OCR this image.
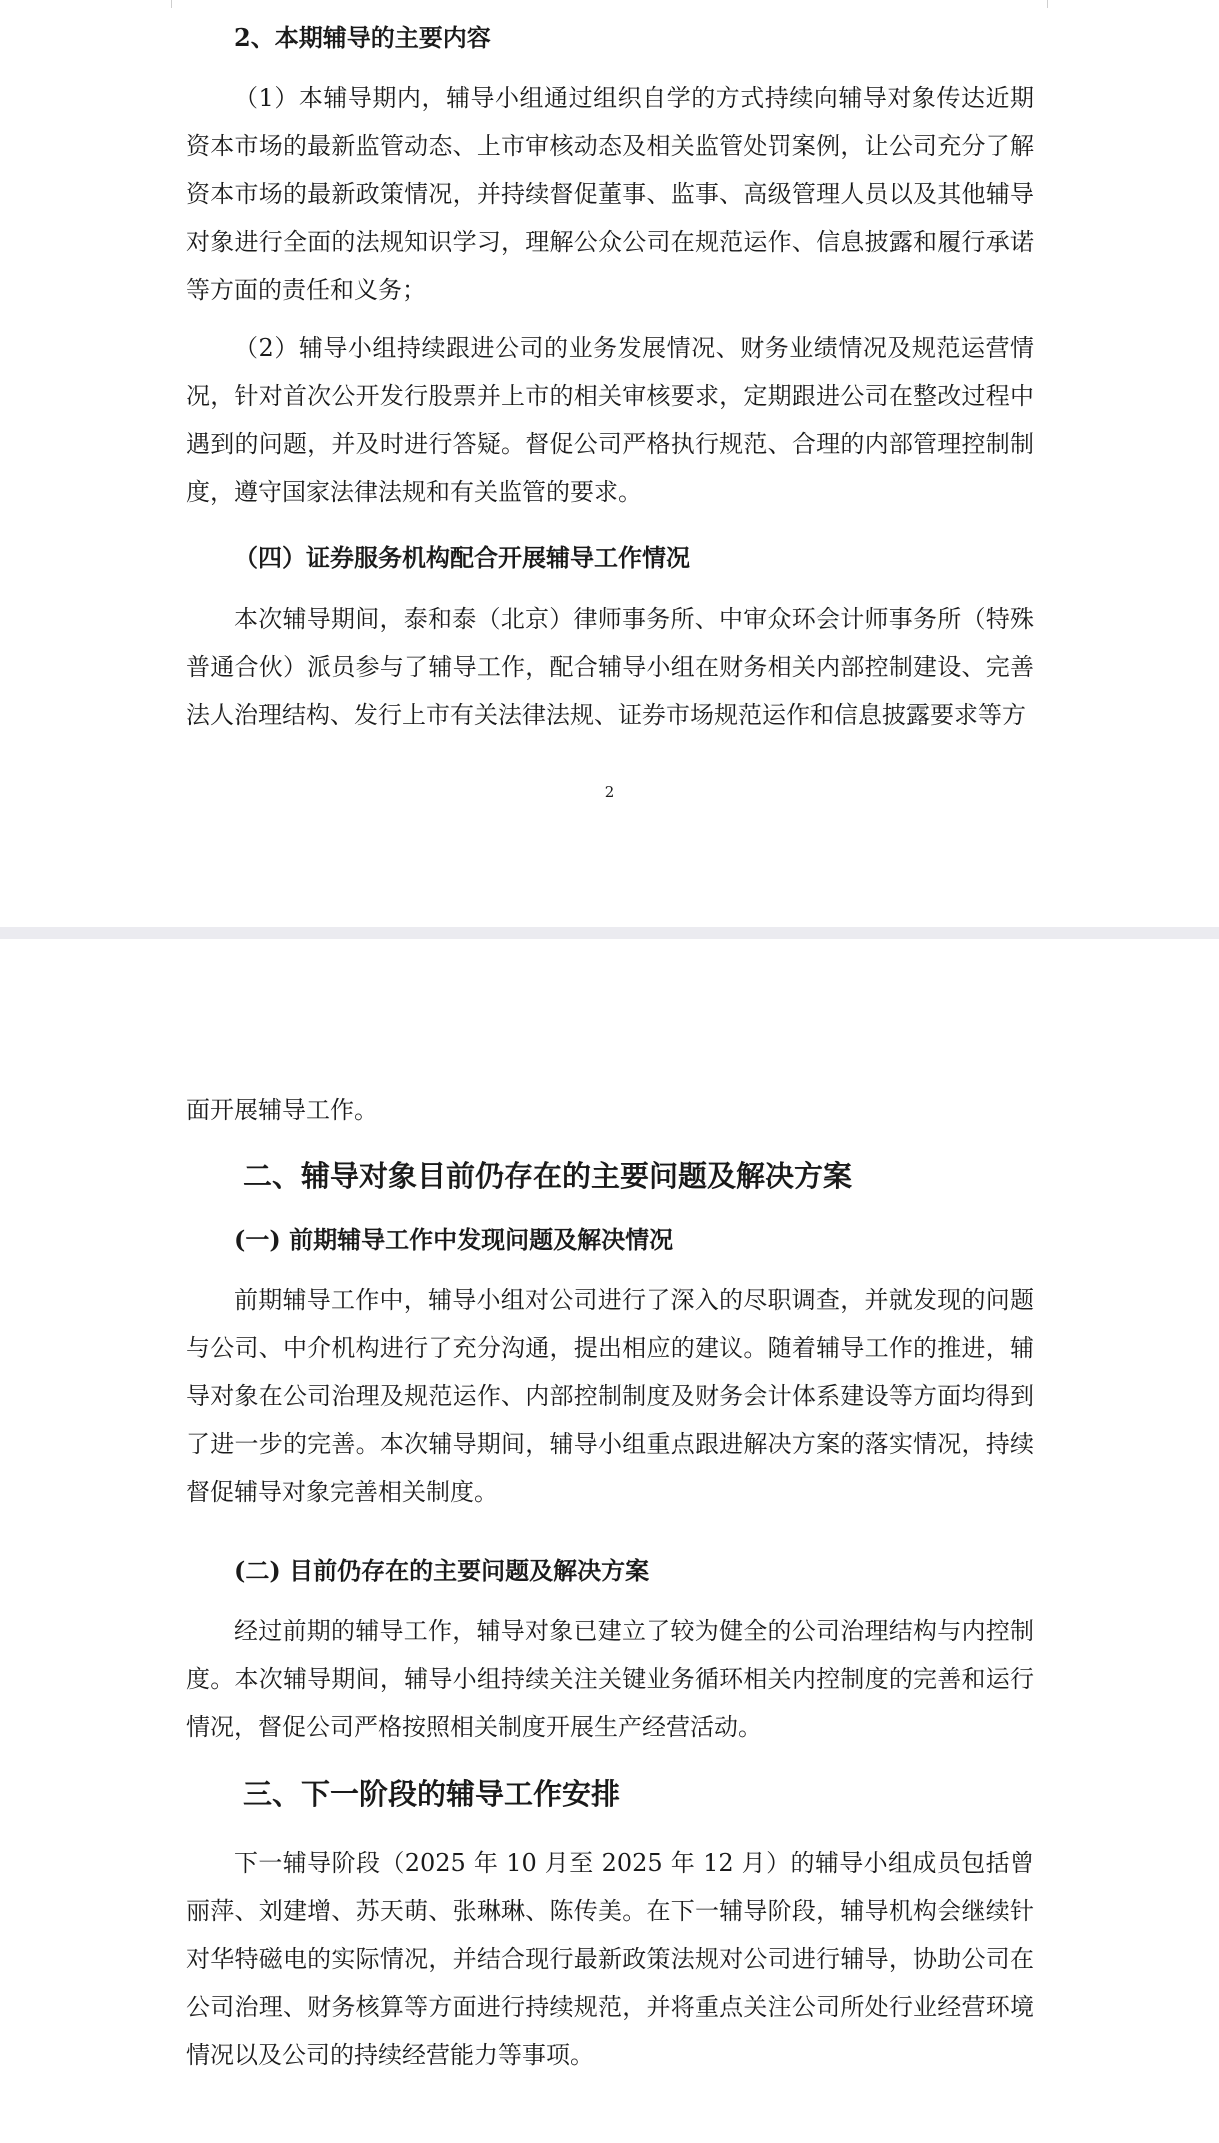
2、本期辅导的主要内容

（1）本辅导期内，辅导小组通过组织自学的方式持续向辅导对象传达近期资本市场的最新监管动态、上市审核动态及相关监管处罚案例，让公司充分了解资本市场的最新政策情况，并持续督促董事、监事、高级管理人员以及其他辅导对象进行全面的法规知识学习，理解公众公司在规范运作、信息披露和履行承诺等方面的责任和义务；

（2）辅导小组持续跟进公司的业务发展情况、财务业绩情况及规范运营情况，针对首次公开发行股票并上市的相关审核要求，定期跟进公司在整改过程中遇到的问题，并及时进行答疑。督促公司严格执行规范、合理的内部管理控制制度，遵守国家法律法规和有关监管的要求。

（四）证券服务机构配合开展辅导工作情况

本次辅导期间，泰和泰（北京）律师事务所、中审众环会计师事务所（特殊普通合伙）派员参与了辅导工作，配合辅导小组在财务相关内部控制建设、完善法人治理结构、发行上市有关法律法规、证券市场规范运作和信息披露要求等方

2

面开展辅导工作。

二、辅导对象目前仍存在的主要问题及解决方案

(一) 前期辅导工作中发现问题及解决情况

前期辅导工作中，辅导小组对公司进行了深入的尽职调查，并就发现的问题与公司、中介机构进行了充分沟通，提出相应的建议。随着辅导工作的推进，辅导对象在公司治理及规范运作、内部控制制度及财务会计体系建设等方面均得到了进一步的完善。本次辅导期间，辅导小组重点跟进解决方案的落实情况，持续督促辅导对象完善相关制度。

(二) 目前仍存在的主要问题及解决方案

经过前期的辅导工作，辅导对象已建立了较为健全的公司治理结构与内控制度。本次辅导期间，辅导小组持续关注关键业务循环相关内控制度的完善和运行情况，督促公司严格按照相关制度开展生产经营活动。

三、下一阶段的辅导工作安排

下一辅导阶段（2025 年 10 月至 2025 年 12 月）的辅导小组成员包括曾丽萍、刘建增、苏天萌、张琳琳、陈传美。在下一辅导阶段，辅导机构会继续针对华特磁电的实际情况，并结合现行最新政策法规对公司进行辅导，协助公司在公司治理、财务核算等方面进行持续规范，并将重点关注公司所处行业经营环境情况以及公司的持续经营能力等事项。
